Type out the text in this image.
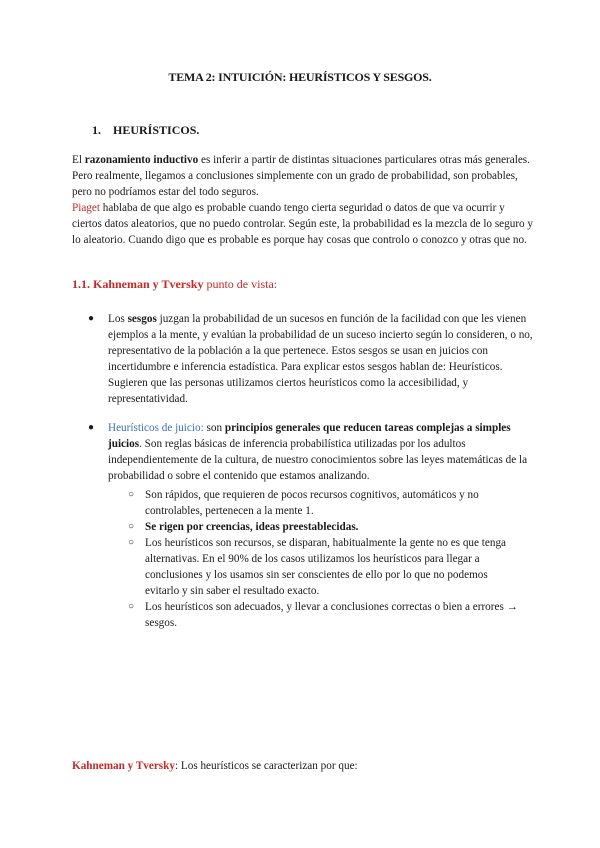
TEMA 2: INTUICIÓN: HEURÍSTICOS Y SESGOS.
1. HEURÍSTICOS.
El razonamiento inductivo es inferir a partir de distintas situaciones particulares otras más generales. Pero realmente, llegamos a conclusiones simplemente con un grado de probabilidad, son probables, pero no podríamos estar del todo seguros.
Piaget hablaba de que algo es probable cuando tengo cierta seguridad o datos de que va ocurrir y ciertos datos aleatorios, que no puedo controlar. Según este, la probabilidad es la mezcla de lo seguro y lo aleatorio. Cuando digo que es probable es porque hay cosas que controlo o conozco y otras que no.
1.1. Kahneman y Tversky punto de vista:
● Los sesgos juzgan la probabilidad de un sucesos en función de la facilidad con que les vienen ejemplos a la mente, y evalúan la probabilidad de un suceso incierto según lo consideren, o no, representativo de la población a la que pertenece. Estos sesgos se usan en juicios con incertidumbre e inferencia estadística. Para explicar estos sesgos hablan de: Heurísticos. Sugieren que las personas utilizamos ciertos heurísticos como la accesibilidad, y representatividad.
● Heurísticos de juicio: son principios generales que reducen tareas complejas a simples juicios. Son reglas básicas de inferencia probabilística utilizadas por los adultos independientemente de la cultura, de nuestro conocimientos sobre las leyes matemáticas de la probabilidad o sobre el contenido que estamos analizando.
○ Son rápidos, que requieren de pocos recursos cognitivos, automáticos y no controlables, pertenecen a la mente 1.
○ Se rigen por creencias, ideas preestablecidas.
○ Los heurísticos son recursos, se disparan, habitualmente la gente no es que tenga alternativas. En el 90% de los casos utilizamos los heurísticos para llegar a conclusiones y los usamos sin ser conscientes de ello por lo que no podemos evitarlo y sin saber el resultado exacto.
○ Los heurísticos son adecuados, y llevar a conclusiones correctas o bien a errores → sesgos.
Kahneman y Tversky: Los heurísticos se caracterizan por que:
